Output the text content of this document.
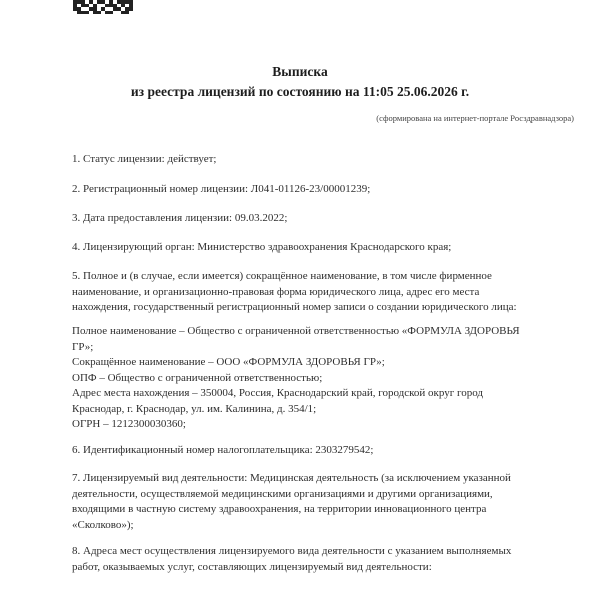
Выписка
из реестра лицензий по состоянию на 11:05 25.06.2026 г.
(сформирована на интернет-портале Росздравнадзора)
1. Статус лицензии: действует;
2. Регистрационный номер лицензии: Л041-01126-23/00001239;
3. Дата предоставления лицензии: 09.03.2022;
4. Лицензирующий орган: Министерство здравоохранения Краснодарского края;
5. Полное и (в случае, если имеется) сокращённое наименование, в том числе фирменное
наименование, и организационно-правовая форма юридического лица, адрес его места
нахождения, государственный регистрационный номер записи о создании юридического лица:
Полное наименование – Общество с ограниченной ответственностью «ФОРМУЛА ЗДОРОВЬЯ
ГР»;
Сокращённое наименование – ООО «ФОРМУЛА ЗДОРОВЬЯ ГР»;
ОПФ – Общество с ограниченной ответственностью;
Адрес места нахождения – 350004, Россия, Краснодарский край, городской округ город
Краснодар, г. Краснодар, ул. им. Калинина, д. 354/1;
ОГРН – 1212300030360;
6. Идентификационный номер налогоплательщика: 2303279542;
7. Лицензируемый вид деятельности: Медицинская деятельность (за исключением указанной
деятельности, осуществляемой медицинскими организациями и другими организациями,
входящими в частную систему здравоохранения, на территории инновационного центра
«Сколково»);
8. Адреса мест осуществления лицензируемого вида деятельности с указанием выполняемых
работ, оказываемых услуг, составляющих лицензируемый вид деятельности:
